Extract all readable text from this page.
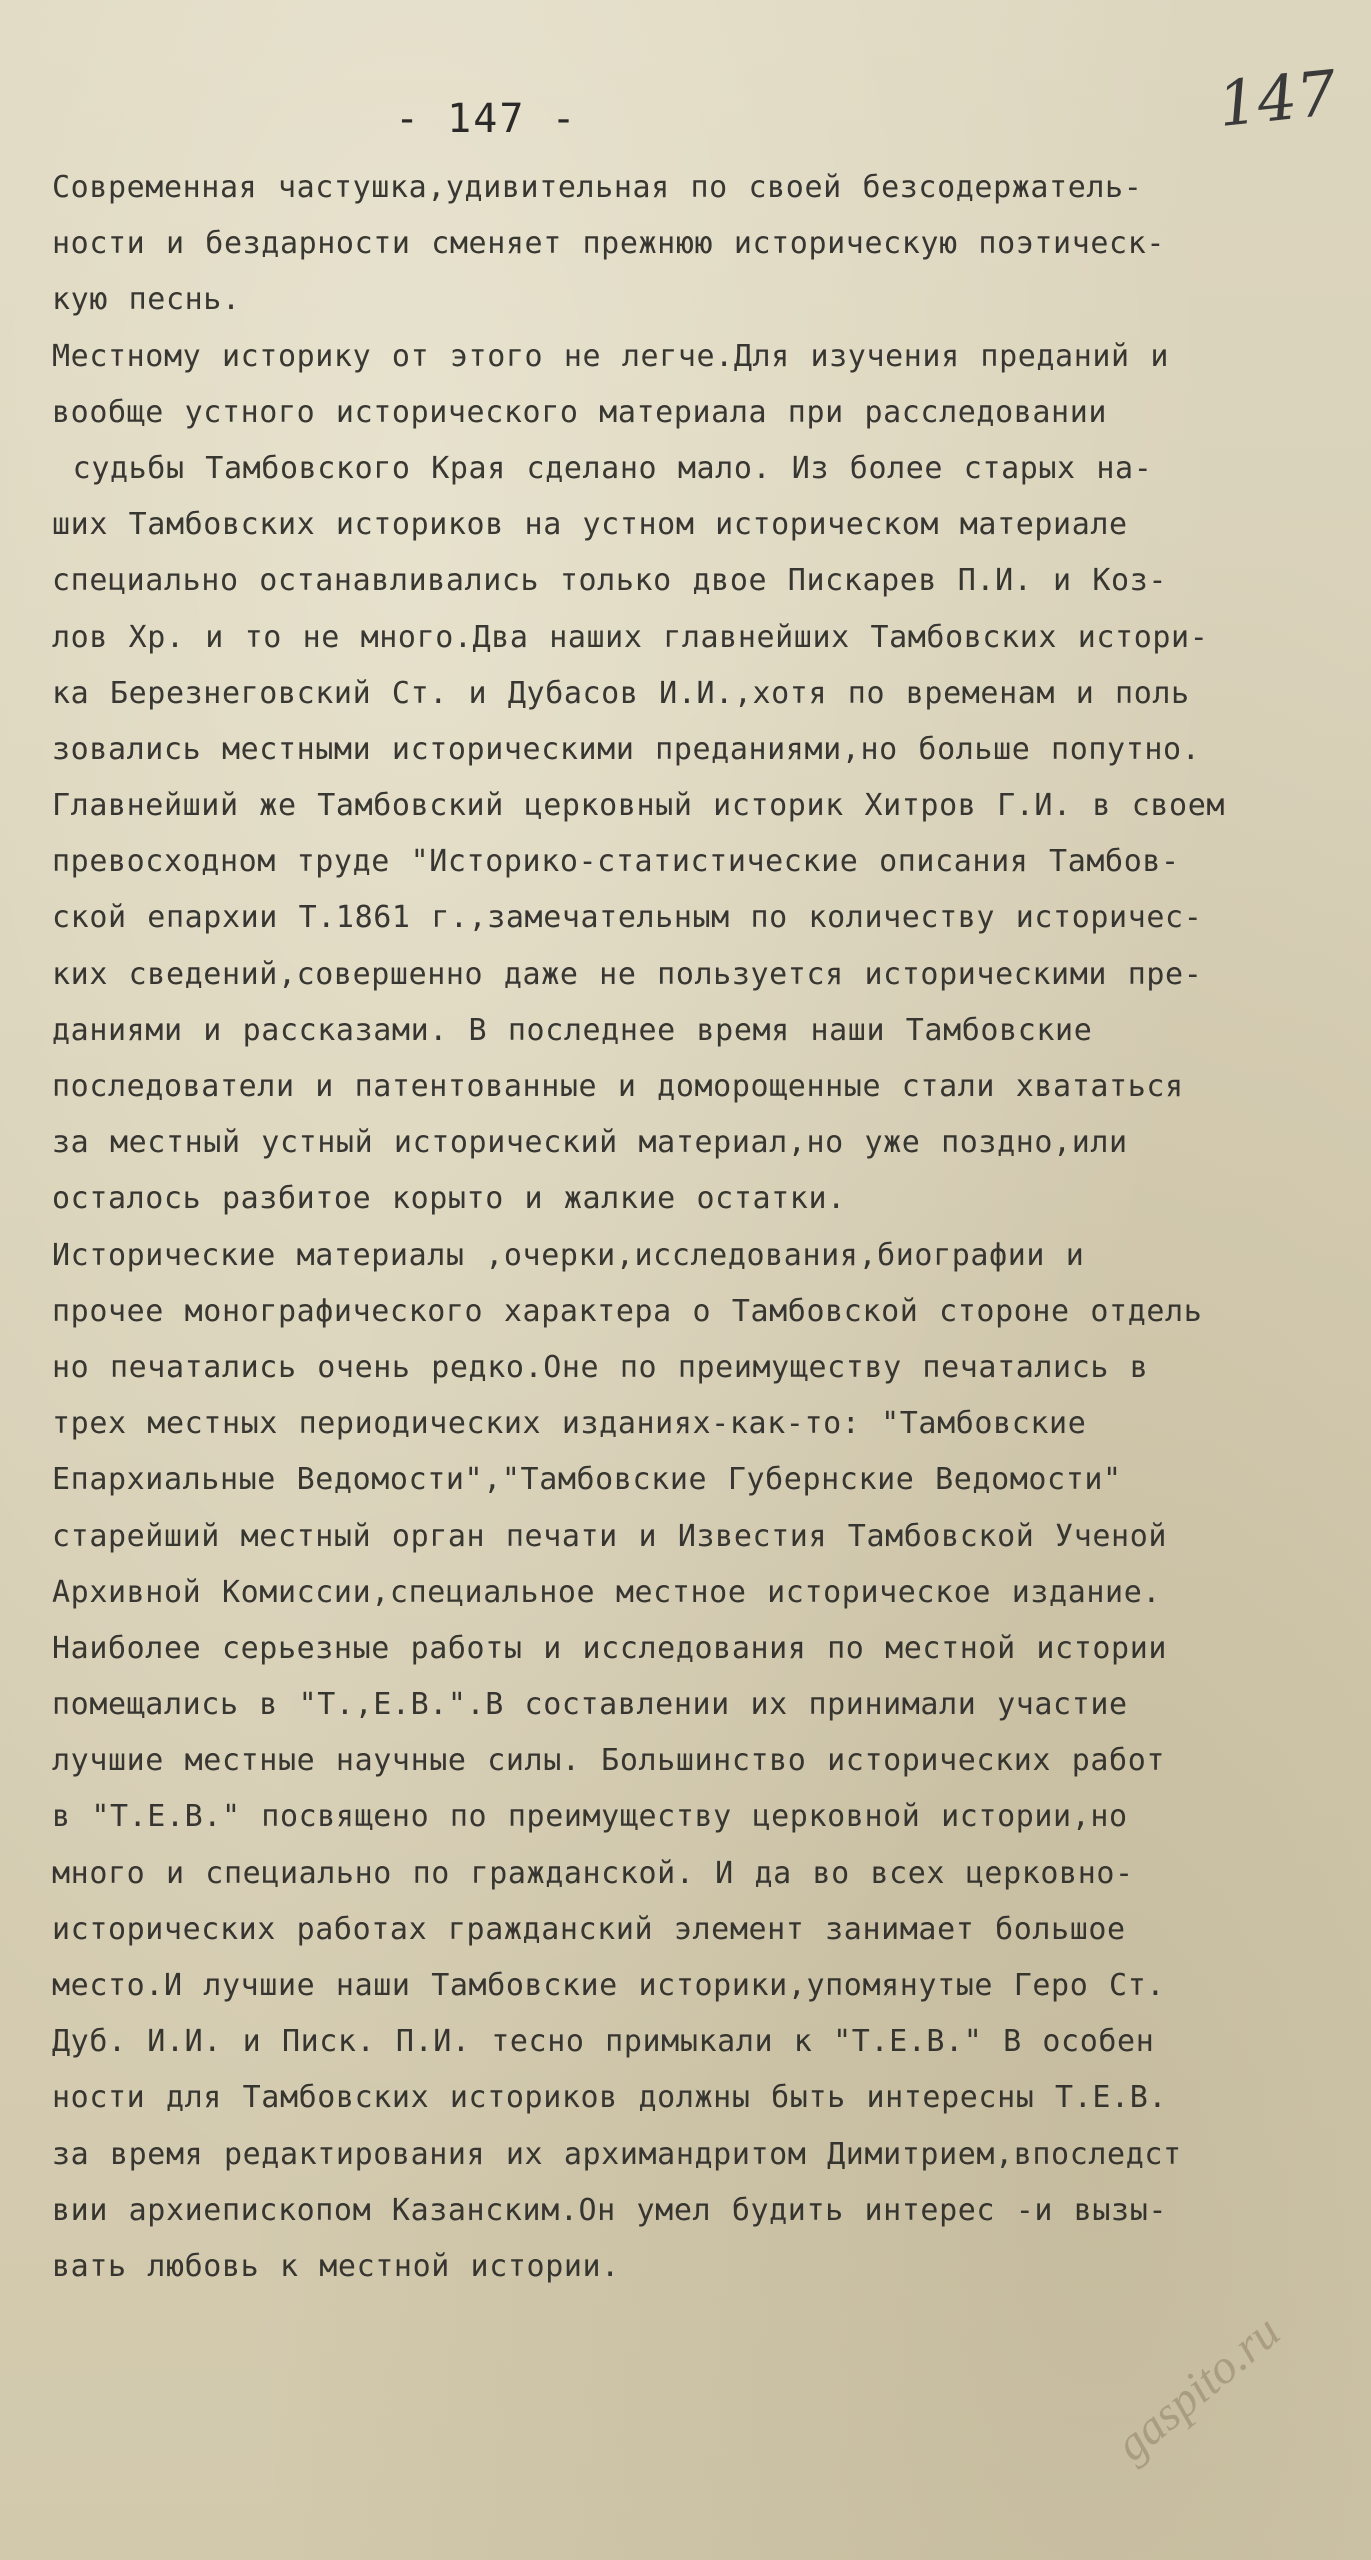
- 147 -	147
Современная частушка,удивительная по своей безсодержатель-
ности и бездарности сменяет прежнюю историческую поэтическ-
кую песнь.
Местному историку от этого не легче.Для изучения преданий и
вообще устного исторического материала при расследовании
судьбы Тамбовского Края сделано мало. Из более старых на-
ших Тамбовских историков на устном историческом материале
специально останавливались только двое Пискарев П.И. и Коз-
лов Хр. и то не много.Два наших главнейших Тамбовских истори-
ка Березнеговский Ст. и Дубасов И.И.,хотя по временам и поль
зовались местными историческими преданиями,но больше попутно.
Главнейший же Тамбовский церковный историк Хитров Г.И. в своем
превосходном труде "Историко-статистические описания Тамбов-
ской епархии Т.1861 г.,замечательным по количеству историчес-
ких сведений,совершенно даже не пользуется историческими пре-
даниями и рассказами. В последнее время наши Тамбовские
последователи и патентованные и доморощенные стали хвататься
за местный устный исторический материал,но уже поздно,или
осталось разбитое корыто и жалкие остатки.
Исторические материалы ,очерки,исследования,биографии и
прочее монографического характера о Тамбовской стороне отдель
но печатались очень редко.Оне по преимуществу печатались в
трех местных периодических изданиях-как-то: "Тамбовские
Епархиальные Ведомости","Тамбовские Губернские Ведомости"
старейший местный орган печати и Известия Тамбовской Ученой
Архивной Комиссии,специальное местное историческое издание.
Наиболее серьезные работы и исследования по местной истории
помещались в "Т.,Е.В.".В составлении их принимали участие
лучшие местные научные силы. Большинство исторических работ
в "Т.Е.В." посвящено по преимуществу церковной истории,но
много и специально по гражданской. И да во всех церковно-
исторических работах гражданский элемент занимает большое
место.И лучшие наши Тамбовские историки,упомянутые Геро Ст.
Дуб. И.И. и Писк. П.И. тесно примыкали к "Т.Е.В." В особен
ности для Тамбовских историков должны быть интересны Т.Е.В.
за время редактирования их архимандритом Димитрием,впоследст
вии архиепископом Казанским.Он умел будить интерес -и вызы-
вать любовь к местной истории.
gaspito.ru
